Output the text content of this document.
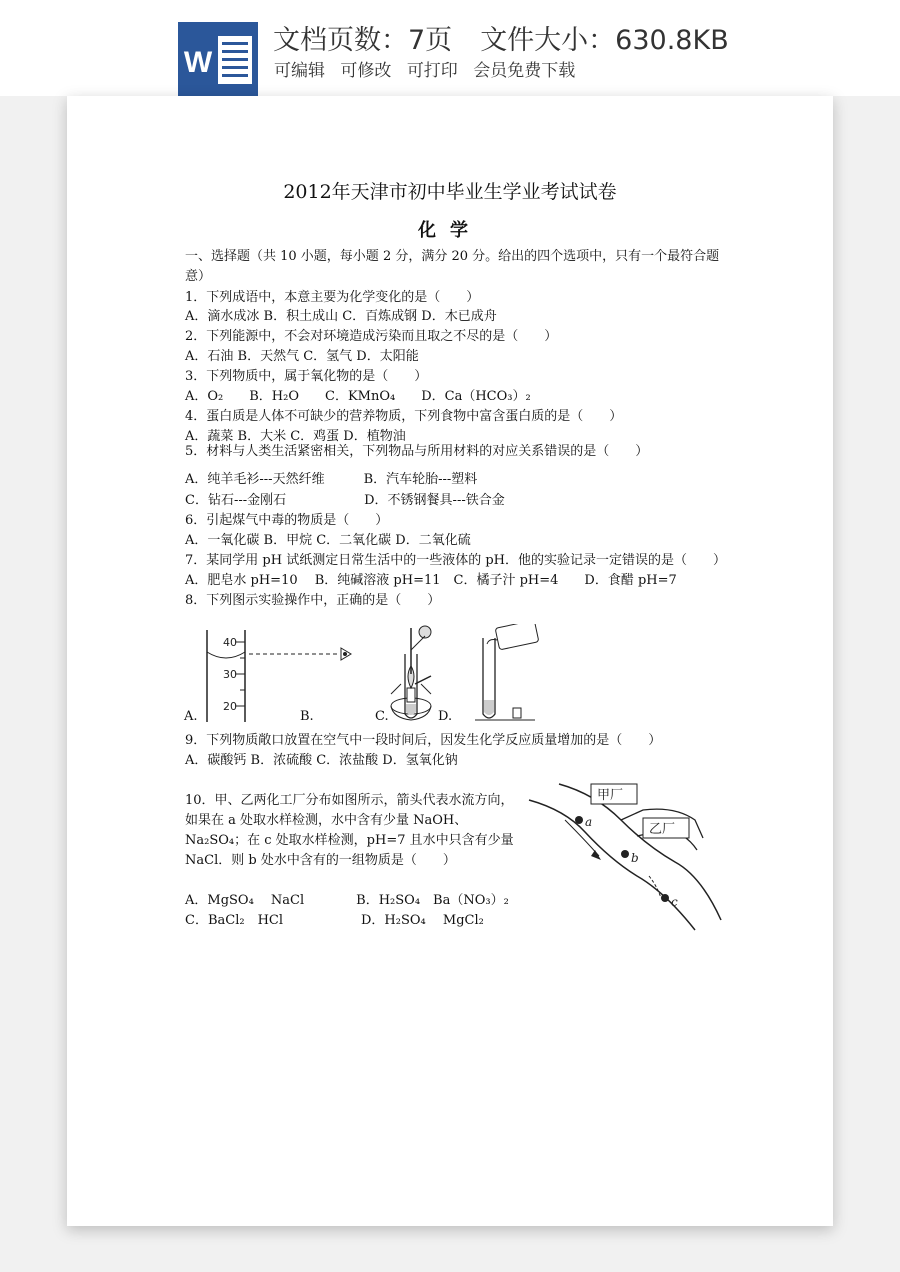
W
文档页数：7页 文件大小：630.8KB
可编辑 可修改 可打印 会员免费下载
2012年天津市初中毕业生学业考试试卷
化学
一、选择题（共 10 小题，每小题 2 分，满分 20 分。给出的四个选项中，只有一个最符合题
意）
1．下列成语中，本意主要为化学变化的是（　　）
A．滴水成冰 B．积土成山 C．百炼成钢 D．木已成舟
2．下列能源中，不会对环境造成污染而且取之不尽的是（　　）
A．石油 B．天然气 C．氢气 D．太阳能
3．下列物质中，属于氧化物的是（　　）
A．O₂　　B．H₂O　　C．KMnO₄　　D．Ca（HCO₃）₂
4．蛋白质是人体不可缺少的营养物质，下列食物中富含蛋白质的是（　　）
A．蔬菜 B．大米 C．鸡蛋 D．植物油
5．材料与人类生活紧密相关，下列物品与所用材料的对应关系错误的是（　　）
A．纯羊毛衫---天然纤维　　　B．汽车轮胎---塑料
C．钻石---金刚石　　　　　　D．不锈钢餐具---铁合金
6．引起煤气中毒的物质是（　　）
A．一氧化碳 B．甲烷 C．二氧化碳 D．二氧化硫
7．某同学用 pH 试纸测定日常生活中的一些液体的 pH．他的实验记录一定错误的是（　　）
A．肥皂水 pH=10　 B．纯碱溶液 pH=11　C．橘子汁 pH=4　　D．食醋 pH=7
8．下列图示实验操作中，正确的是（　　）
40
30
20
A.	B.	C.	D.
9．下列物质敞口放置在空气中一段时间后，因发生化学反应质量增加的是（　　）
A．碳酸钙 B．浓硫酸 C．浓盐酸 D．氢氧化钠
10．甲、乙两化工厂分布如图所示，箭头代表水流方向，
如果在 a 处取水样检测，水中含有少量 NaOH、
Na₂SO₄；在 c 处取水样检测，pH=7 且水中只含有少量
NaCl．则 b 处水中含有的一组物质是（　　）
A．MgSO₄　 NaCl　　　　B．H₂SO₄　Ba（NO₃）₂
C．BaCl₂　HCl　　　　　　D．H₂SO₄　 MgCl₂
甲厂
乙厂
a
b
c
